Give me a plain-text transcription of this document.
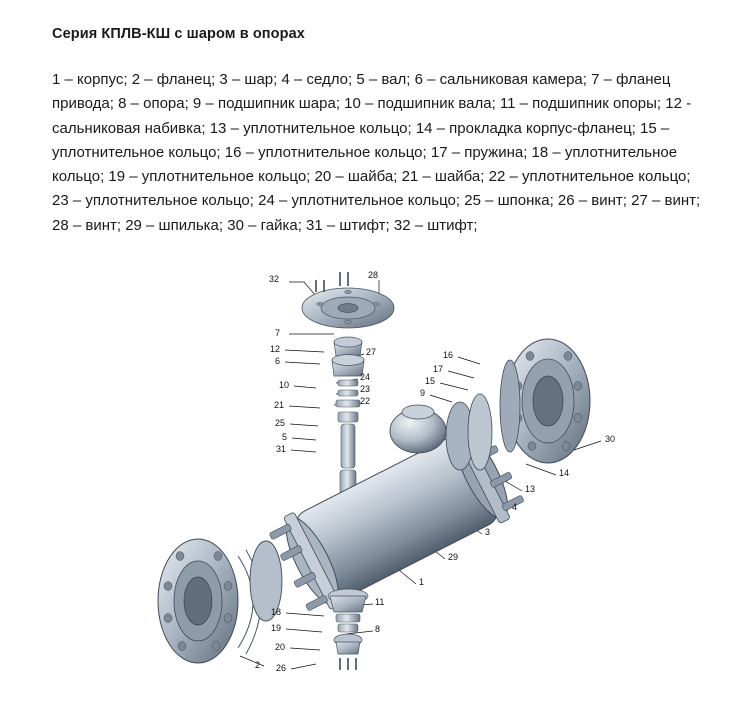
Серия КПЛВ-КШ с шаром в опорах

1 – корпус; 2 – фланец; 3 – шар; 4 – седло; 5 – вал; 6 – сальниковая камера; 7 – фланец привода; 8 – опора; 9 – подшипник шара; 10 – подшипник вала; 11 – подшипник опоры; 12 - сальниковая набивка; 13 – уплотнительное кольцо; 14 – прокладка корпус-фланец; 15 – уплотнительное кольцо; 16 – уплотнительное кольцо; 17 – пружина; 18 – уплотнительное кольцо; 19 – уплотнительное кольцо; 20 – шайба; 21 – шайба; 22 – уплотнительное кольцо; 23 – уплотнительное кольцо; 24 – уплотнительное кольцо; 25 – шпонка; 26 – винт; 27 – винт; 28 – винт; 29 – шпилька; 30 – гайка; 31 – штифт; 32 – штифт;

32	28
7
12
6
27
10
24
23
22
21
25
5
31
16
17
15
9
30
14
13
4
3
29
1
11
18
19	8
20
26
2
